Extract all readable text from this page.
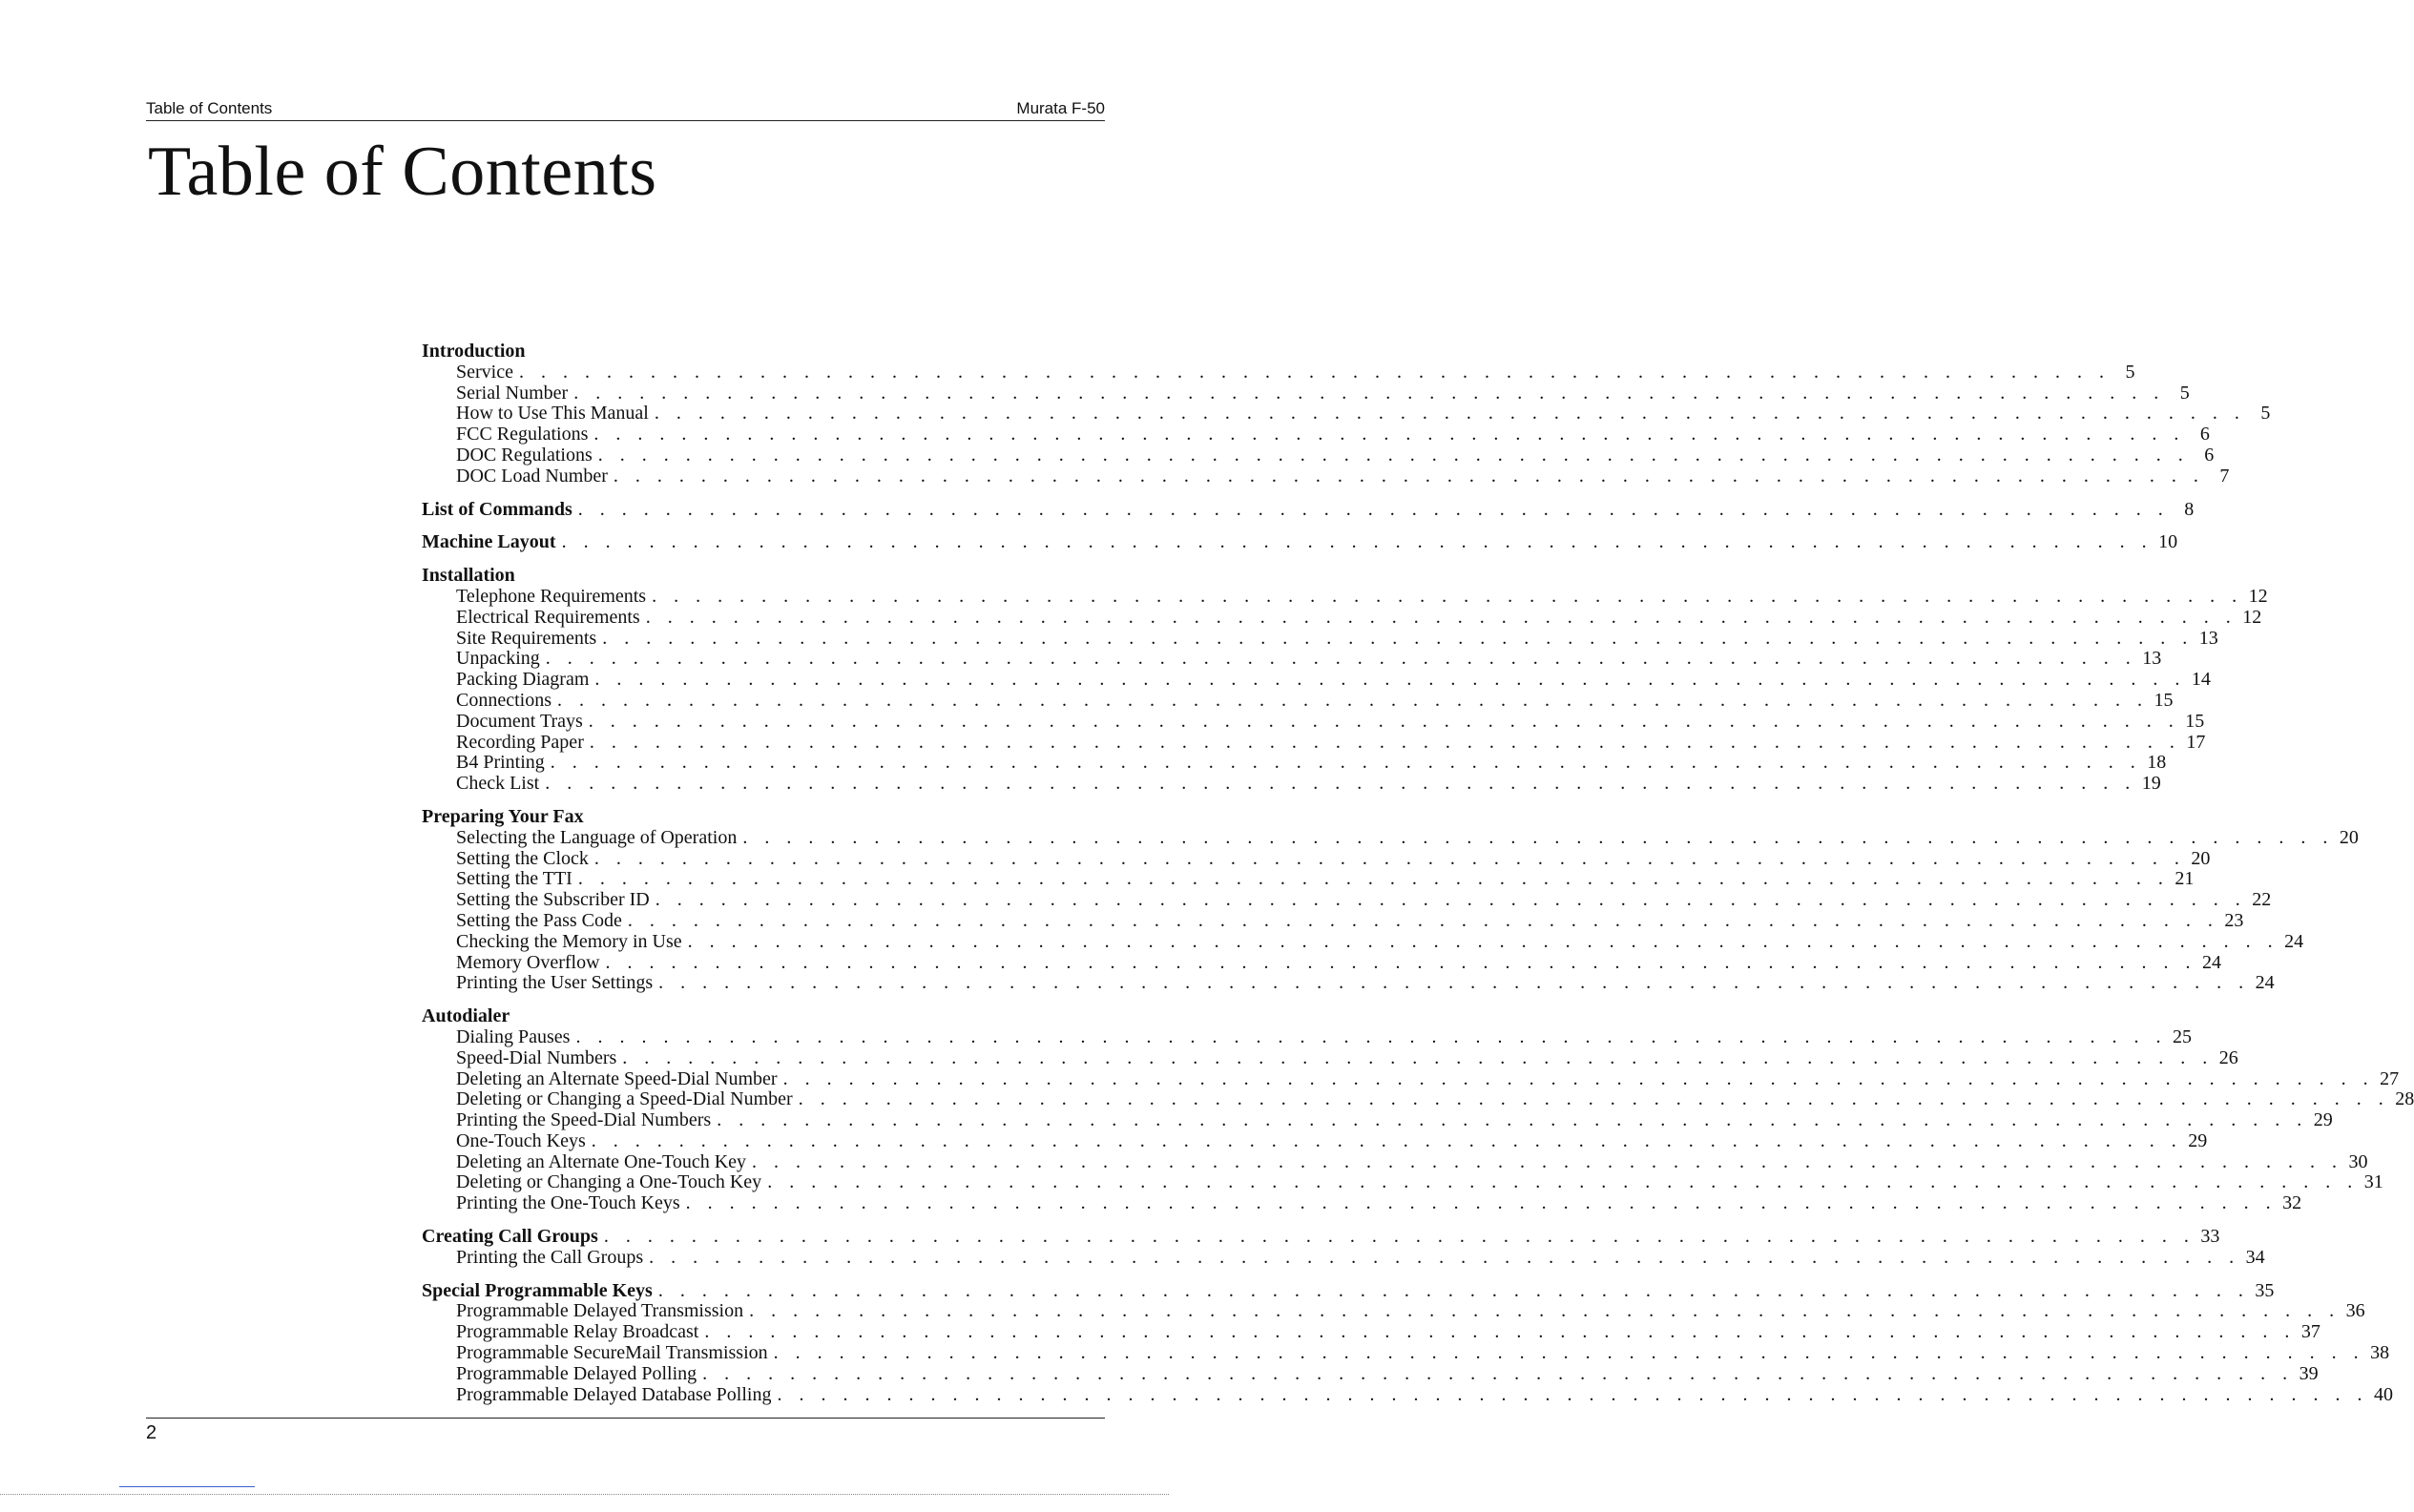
Table of Contents	Murata F-50
Table of Contents
Introduction
Service . . . . . . . . . . . . . . . . . . . . . . . . . . . . . . . . . . . . . . . . . . . . . . . . . . . . . . . . . . . . . . . . . . . . . . . . . 5
Serial Number . . . . . . . . . . . . . . . . . . . . . . . . . . . . . . . . . . . . . . . . . . . . . . . . . . . . . . . . . . . . . . . . . . . . . . . . . 5
How to Use This Manual . . . . . . . . . . . . . . . . . . . . . . . . . . . . . . . . . . . . . . . . . . . . . . . . . . . . . . . . . . . . . . . . . . . . . . . . . 5
FCC Regulations . . . . . . . . . . . . . . . . . . . . . . . . . . . . . . . . . . . . . . . . . . . . . . . . . . . . . . . . . . . . . . . . . . . . . . . . . 6
DOC Regulations . . . . . . . . . . . . . . . . . . . . . . . . . . . . . . . . . . . . . . . . . . . . . . . . . . . . . . . . . . . . . . . . . . . . . . . . . 6
DOC Load Number . . . . . . . . . . . . . . . . . . . . . . . . . . . . . . . . . . . . . . . . . . . . . . . . . . . . . . . . . . . . . . . . . . . . . . . . . 7
List of Commands . . . . . . . . . . . . . . . . . . . . . . . . . . . . . . . . . . . . . . . . . . . . . . . . . . . . . . . . . . . . . . . . . . . . . . . . . 8
Machine Layout . . . . . . . . . . . . . . . . . . . . . . . . . . . . . . . . . . . . . . . . . . . . . . . . . . . . . . . . . . . . . . . . . . . . . . . . . 10
Installation
Telephone Requirements . . . . . . . . . . . . . . . . . . . . . . . . . . . . . . . . . . . . . . . . . . . . . . . . . . . . . . . . . . . . . . . . . . . . . . . . . 12
Electrical Requirements . . . . . . . . . . . . . . . . . . . . . . . . . . . . . . . . . . . . . . . . . . . . . . . . . . . . . . . . . . . . . . . . . . . . . . . . . 12
Site Requirements . . . . . . . . . . . . . . . . . . . . . . . . . . . . . . . . . . . . . . . . . . . . . . . . . . . . . . . . . . . . . . . . . . . . . . . . . 13
Unpacking . . . . . . . . . . . . . . . . . . . . . . . . . . . . . . . . . . . . . . . . . . . . . . . . . . . . . . . . . . . . . . . . . . . . . . . . . 13
Packing Diagram . . . . . . . . . . . . . . . . . . . . . . . . . . . . . . . . . . . . . . . . . . . . . . . . . . . . . . . . . . . . . . . . . . . . . . . . . 14
Connections . . . . . . . . . . . . . . . . . . . . . . . . . . . . . . . . . . . . . . . . . . . . . . . . . . . . . . . . . . . . . . . . . . . . . . . . . 15
Document Trays . . . . . . . . . . . . . . . . . . . . . . . . . . . . . . . . . . . . . . . . . . . . . . . . . . . . . . . . . . . . . . . . . . . . . . . . . 15
Recording Paper . . . . . . . . . . . . . . . . . . . . . . . . . . . . . . . . . . . . . . . . . . . . . . . . . . . . . . . . . . . . . . . . . . . . . . . . . 17
B4 Printing . . . . . . . . . . . . . . . . . . . . . . . . . . . . . . . . . . . . . . . . . . . . . . . . . . . . . . . . . . . . . . . . . . . . . . . . . 18
Check List . . . . . . . . . . . . . . . . . . . . . . . . . . . . . . . . . . . . . . . . . . . . . . . . . . . . . . . . . . . . . . . . . . . . . . . . . 19
Preparing Your Fax
Selecting the Language of Operation . . . . . . . . . . . . . . . . . . . . . . . . . . . . . . . . . . . . . . . . . . . . . . . . . . . . . . . . . . . . . . . . . . . . . . . . . 20
Setting the Clock . . . . . . . . . . . . . . . . . . . . . . . . . . . . . . . . . . . . . . . . . . . . . . . . . . . . . . . . . . . . . . . . . . . . . . . . . 20
Setting the TTI . . . . . . . . . . . . . . . . . . . . . . . . . . . . . . . . . . . . . . . . . . . . . . . . . . . . . . . . . . . . . . . . . . . . . . . . . 21
Setting the Subscriber ID . . . . . . . . . . . . . . . . . . . . . . . . . . . . . . . . . . . . . . . . . . . . . . . . . . . . . . . . . . . . . . . . . . . . . . . . . 22
Setting the Pass Code . . . . . . . . . . . . . . . . . . . . . . . . . . . . . . . . . . . . . . . . . . . . . . . . . . . . . . . . . . . . . . . . . . . . . . . . . 23
Checking the Memory in Use . . . . . . . . . . . . . . . . . . . . . . . . . . . . . . . . . . . . . . . . . . . . . . . . . . . . . . . . . . . . . . . . . . . . . . . . . 24
Memory Overflow . . . . . . . . . . . . . . . . . . . . . . . . . . . . . . . . . . . . . . . . . . . . . . . . . . . . . . . . . . . . . . . . . . . . . . . . . 24
Printing the User Settings . . . . . . . . . . . . . . . . . . . . . . . . . . . . . . . . . . . . . . . . . . . . . . . . . . . . . . . . . . . . . . . . . . . . . . . . . 24
Autodialer
Dialing Pauses . . . . . . . . . . . . . . . . . . . . . . . . . . . . . . . . . . . . . . . . . . . . . . . . . . . . . . . . . . . . . . . . . . . . . . . . . 25
Speed-Dial Numbers . . . . . . . . . . . . . . . . . . . . . . . . . . . . . . . . . . . . . . . . . . . . . . . . . . . . . . . . . . . . . . . . . . . . . . . . . 26
Deleting an Alternate Speed-Dial Number . . . . . . . . . . . . . . . . . . . . . . . . . . . . . . . . . . . . . . . . . . . . . . . . . . . . . . . . . . . . . . . . . . . . . . . . . 27
Deleting or Changing a Speed-Dial Number . . . . . . . . . . . . . . . . . . . . . . . . . . . . . . . . . . . . . . . . . . . . . . . . . . . . . . . . . . . . . . . . . . . . . . . . . 28
Printing the Speed-Dial Numbers . . . . . . . . . . . . . . . . . . . . . . . . . . . . . . . . . . . . . . . . . . . . . . . . . . . . . . . . . . . . . . . . . . . . . . . . . 29
One-Touch Keys . . . . . . . . . . . . . . . . . . . . . . . . . . . . . . . . . . . . . . . . . . . . . . . . . . . . . . . . . . . . . . . . . . . . . . . . . 29
Deleting an Alternate One-Touch Key . . . . . . . . . . . . . . . . . . . . . . . . . . . . . . . . . . . . . . . . . . . . . . . . . . . . . . . . . . . . . . . . . . . . . . . . . 30
Deleting or Changing a One-Touch Key . . . . . . . . . . . . . . . . . . . . . . . . . . . . . . . . . . . . . . . . . . . . . . . . . . . . . . . . . . . . . . . . . . . . . . . . . 31
Printing the One-Touch Keys . . . . . . . . . . . . . . . . . . . . . . . . . . . . . . . . . . . . . . . . . . . . . . . . . . . . . . . . . . . . . . . . . . . . . . . . . 32
Creating Call Groups . . . . . . . . . . . . . . . . . . . . . . . . . . . . . . . . . . . . . . . . . . . . . . . . . . . . . . . . . . . . . . . . . . . . . . . . . 33
Printing the Call Groups . . . . . . . . . . . . . . . . . . . . . . . . . . . . . . . . . . . . . . . . . . . . . . . . . . . . . . . . . . . . . . . . . . . . . . . . . 34
Special Programmable Keys . . . . . . . . . . . . . . . . . . . . . . . . . . . . . . . . . . . . . . . . . . . . . . . . . . . . . . . . . . . . . . . . . . . . . . . . . 35
Programmable Delayed Transmission . . . . . . . . . . . . . . . . . . . . . . . . . . . . . . . . . . . . . . . . . . . . . . . . . . . . . . . . . . . . . . . . . . . . . . . . . 36
Programmable Relay Broadcast . . . . . . . . . . . . . . . . . . . . . . . . . . . . . . . . . . . . . . . . . . . . . . . . . . . . . . . . . . . . . . . . . . . . . . . . . 37
Programmable SecureMail Transmission . . . . . . . . . . . . . . . . . . . . . . . . . . . . . . . . . . . . . . . . . . . . . . . . . . . . . . . . . . . . . . . . . . . . . . . . . 38
Programmable Delayed Polling . . . . . . . . . . . . . . . . . . . . . . . . . . . . . . . . . . . . . . . . . . . . . . . . . . . . . . . . . . . . . . . . . . . . . . . . . 39
Programmable Delayed Database Polling . . . . . . . . . . . . . . . . . . . . . . . . . . . . . . . . . . . . . . . . . . . . . . . . . . . . . . . . . . . . . . . . . . . . . . . . . 40
2
